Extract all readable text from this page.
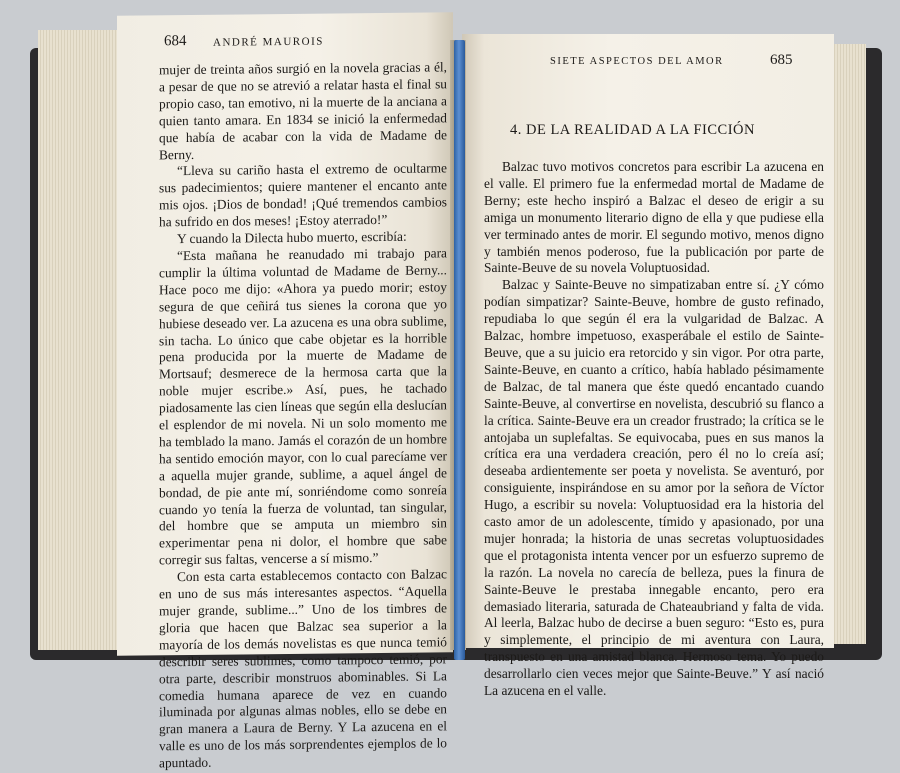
684 ANDRÉ MAUROIS

mujer de treinta años surgió en la novela gracias a él, a pesar de que no se atrevió a relatar hasta el final su propio caso, tan emotivo, ni la muerte de la anciana a quien tanto amara. En 1834 se inició la enfermedad que había de acabar con la vida de Madame de Berny.

“Lleva su cariño hasta el extremo de ocultarme sus padecimientos; quiere mantener el encanto ante mis ojos. ¡Dios de bondad! ¡Qué tremendos cambios ha sufrido en dos meses! ¡Estoy aterrado!”

Y cuando la Dilecta hubo muerto, escribía:

“Esta mañana he reanudado mi trabajo para cumplir la última voluntad de Madame de Berny... Hace poco me dijo: «Ahora ya puedo morir; estoy segura de que ceñirá tus sienes la corona que yo hubiese deseado ver. La azucena es una obra sublime, sin tacha. Lo único que cabe objetar es la horrible pena producida por la muerte de Madame de Mortsauf; desmerece de la hermosa carta que la noble mujer escribe.» Así, pues, he tachado piadosamente las cien líneas que según ella deslucían el esplendor de mi novela. Ni un solo momento me ha temblado la mano. Jamás el corazón de un hombre ha sentido emoción mayor, con lo cual parecíame ver a aquella mujer grande, sublime, a aquel ángel de bondad, de pie ante mí, sonriéndome como sonreía cuando yo tenía la fuerza de voluntad, tan singular, del hombre que se amputa un miembro sin experimentar pena ni dolor, el hombre que sabe corregir sus faltas, vencerse a sí mismo.”

Con esta carta establecemos contacto con Balzac en uno de sus más interesantes aspectos. “Aquella mujer grande, sublime...” Uno de los timbres de gloria que hacen que Balzac sea superior a la mayoría de los demás novelistas es que nunca temió describir seres sublimes, como tampoco temió, por otra parte, describir monstruos abominables. Si La comedia humana aparece de vez en cuando iluminada por algunas almas nobles, ello se debe en gran manera a Laura de Berny. Y La azucena en el valle es uno de los más sorprendentes ejemplos de lo apuntado.

SIETE ASPECTOS DEL AMOR	685
4. DE LA REALIDAD A LA FICCIÓN

Balzac tuvo motivos concretos para escribir La azucena en el valle. El primero fue la enfermedad mortal de Madame de Berny; este hecho inspiró a Balzac el deseo de erigir a su amiga un monumento literario digno de ella y que pudiese ella ver terminado antes de morir. El segundo motivo, menos digno y también menos poderoso, fue la publicación por parte de Sainte-Beuve de su novela Voluptuosidad.

Balzac y Sainte-Beuve no simpatizaban entre sí. ¿Y cómo podían simpatizar? Sainte-Beuve, hombre de gusto refinado, repudiaba lo que según él era la vulgaridad de Balzac. A Balzac, hombre impetuoso, exasperábale el estilo de Sainte-Beuve, que a su juicio era retorcido y sin vigor. Por otra parte, Sainte-Beuve, en cuanto a crítico, había hablado pésimamente de Balzac, de tal manera que éste quedó encantado cuando Sainte-Beuve, al convertirse en novelista, descubrió su flanco a la crítica. Sainte-Beuve era un creador frustrado; la crítica se le antojaba un suplefaltas. Se equivocaba, pues en sus manos la crítica era una verdadera creación, pero él no lo creía así; deseaba ardientemente ser poeta y novelista. Se aventuró, por consiguiente, inspirándose en su amor por la señora de Víctor Hugo, a escribir su novela: Voluptuosidad era la historia del casto amor de un adolescente, tímido y apasionado, por una mujer honrada; la historia de unas secretas voluptuosidades que el protagonista intenta vencer por un esfuerzo supremo de la razón. La novela no carecía de belleza, pues la finura de Sainte-Beuve le prestaba innegable encanto, pero era demasiado literaria, saturada de Chateaubriand y falta de vida. Al leerla, Balzac hubo de decirse a buen seguro: “Esto es, pura y simplemente, el principio de mi aventura con Laura, transpuesto en una amistad blanca. Hermoso tema. Yo puedo desarrollarlo cien veces mejor que Sainte-Beuve.” Y así nació La azucena en el valle.
